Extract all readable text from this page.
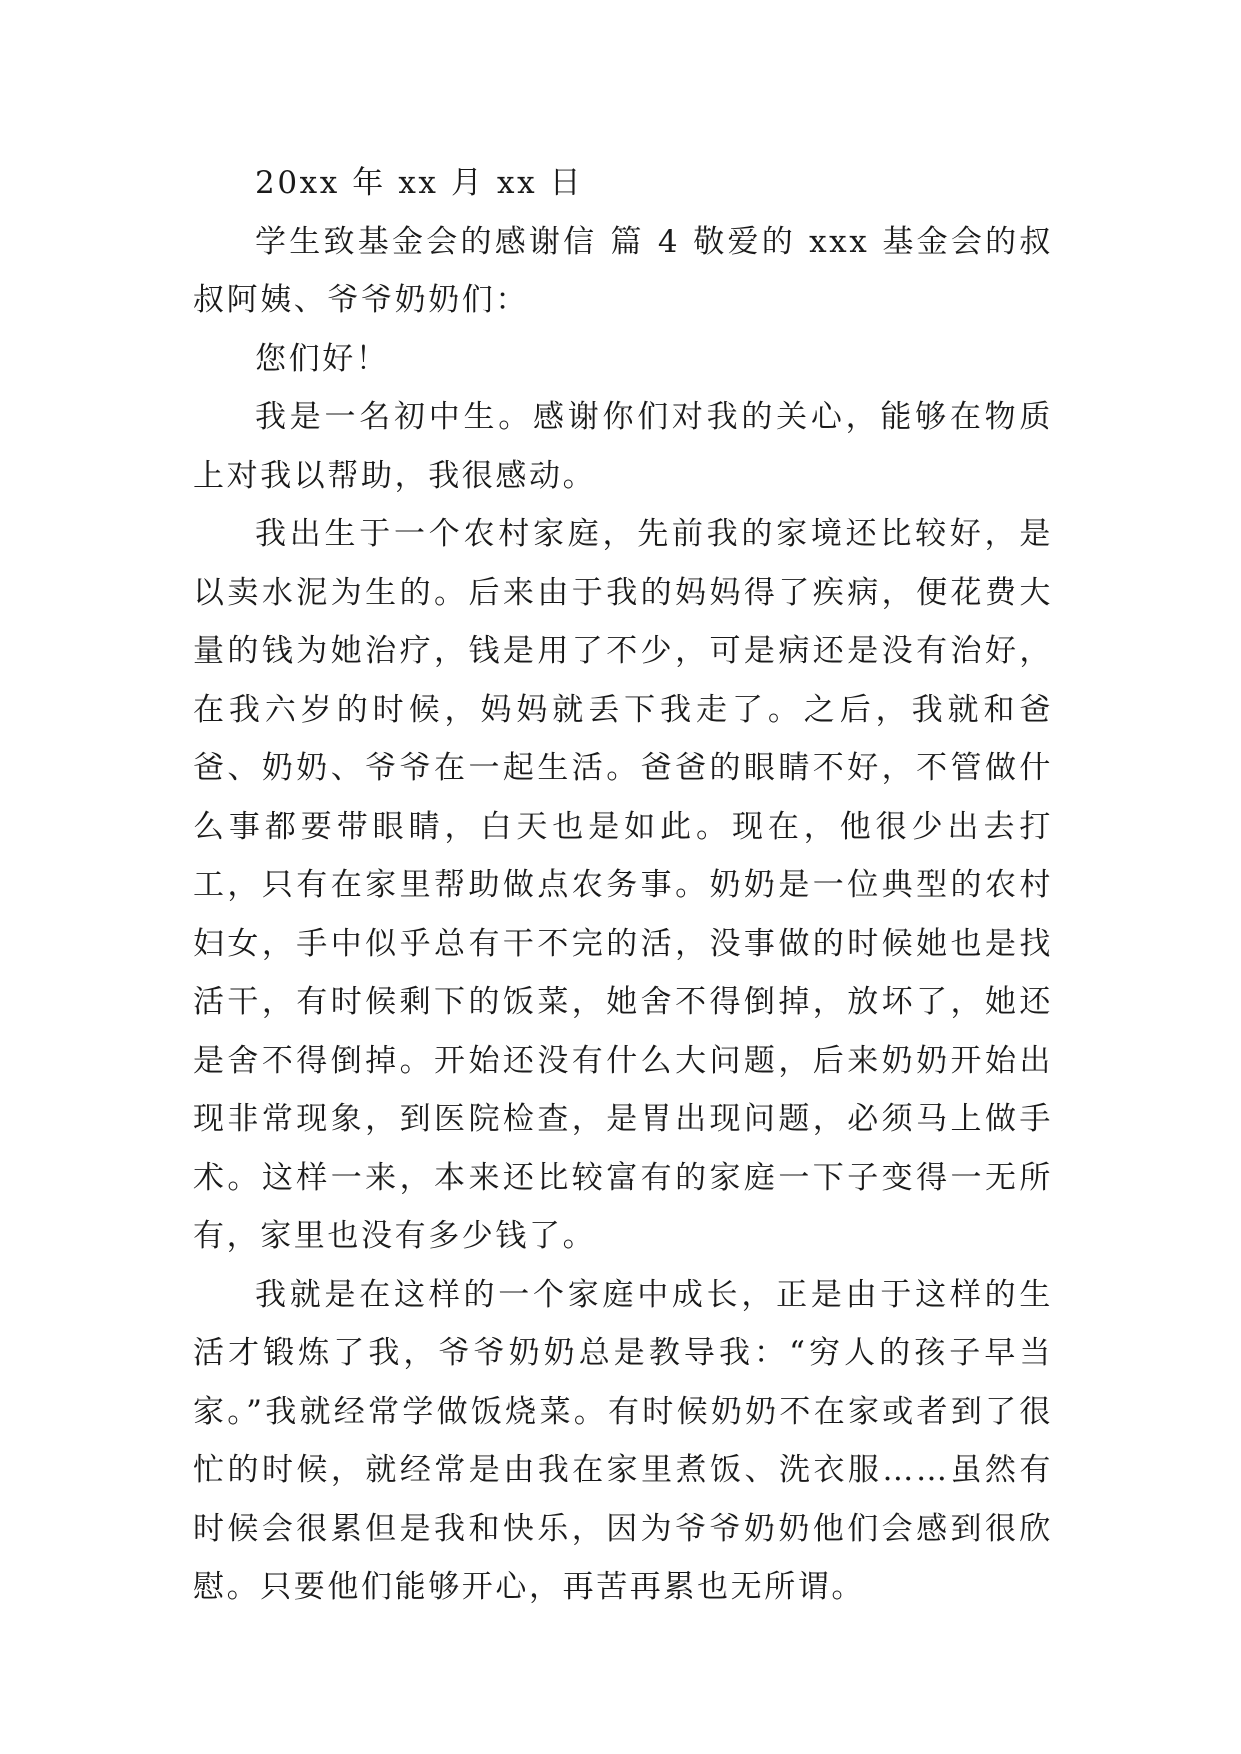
20xx 年 xx 月 xx 日

学生致基金会的感谢信 篇 4 敬爱的 xxx 基金会的叔叔阿姨、爷爷奶奶们：

您们好！

我是一名初中生。感谢你们对我的关心，能够在物质上对我以帮助，我很感动。

我出生于一个农村家庭，先前我的家境还比较好，是以卖水泥为生的。后来由于我的妈妈得了疾病，便花费大量的钱为她治疗，钱是用了不少，可是病还是没有治好，在我六岁的时候，妈妈就丢下我走了。之后，我就和爸爸、奶奶、爷爷在一起生活。爸爸的眼睛不好，不管做什么事都要带眼睛，白天也是如此。现在，他很少出去打工，只有在家里帮助做点农务事。奶奶是一位典型的农村妇女，手中似乎总有干不完的活，没事做的时候她也是找活干，有时候剩下的饭菜，她舍不得倒掉，放坏了，她还是舍不得倒掉。开始还没有什么大问题，后来奶奶开始出现非常现象，到医院检查，是胃出现问题，必须马上做手术。这样一来，本来还比较富有的家庭一下子变得一无所有，家里也没有多少钱了。

我就是在这样的一个家庭中成长，正是由于这样的生活才锻炼了我，爷爷奶奶总是教导我：“穷人的孩子早当家。”我就经常学做饭烧菜。有时候奶奶不在家或者到了很忙的时候，就经常是由我在家里煮饭、洗衣服……虽然有时候会很累但是我和快乐，因为爷爷奶奶他们会感到很欣慰。只要他们能够开心，再苦再累也无所谓。
